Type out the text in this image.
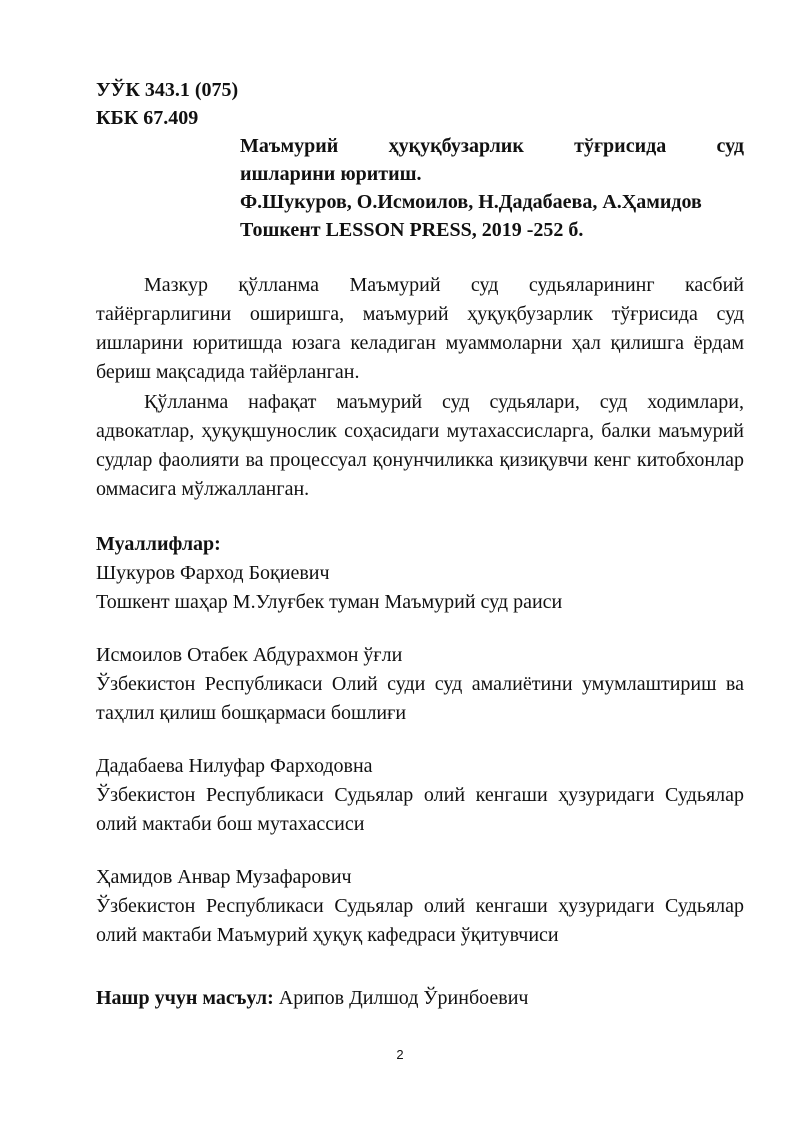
УЎК 343.1 (075)
КБК 67.409
Маъмурий ҳуқуқбузарлик тўғрисида суд
ишларини юритиш.
Ф.Шукуров, О.Исмоилов, Н.Дадабаева, А.Ҳамидов
Тошкент LESSON PRESS, 2019 -252 б.

Мазкур қўлланма Маъмурий суд судьяларининг касбий тайёргарлигини оширишга, маъмурий ҳуқуқбузарлик тўғрисида суд ишларини юритишда юзага келадиган муаммоларни ҳал қилишга ёрдам бериш мақсадида тайёрланган.

Қўлланма нафақат маъмурий суд судьялари, суд ходимлари, адвокатлар, ҳуқуқшунослик соҳасидаги мутахассисларга, балки маъмурий судлар фаолияти ва процессуал қонунчиликка қизиқувчи кенг китобхонлар оммасига мўлжалланган.

Муаллифлар:
Шукуров Фарход Боқиевич
Тошкент шаҳар М.Улуғбек туман Маъмурий суд раиси
Исмоилов Отабек Абдурахмон ўғли
Ўзбекистон Республикаси Олий суди суд амалиётини умумлаштириш ва таҳлил қилиш бошқармаси бошлиғи
Дадабаева Нилуфар Фарходовна
Ўзбекистон Республикаси Судьялар олий кенгаши ҳузуридаги Судьялар олий мактаби бош мутахассиси
Ҳамидов Анвар Музафарович
Ўзбекистон Республикаси Судьялар олий кенгаши ҳузуридаги Судьялар олий мактаби Маъмурий ҳуқуқ кафедраси ўқитувчиси
Нашр учун масъул: Арипов Дилшод Ўринбоевич
2
